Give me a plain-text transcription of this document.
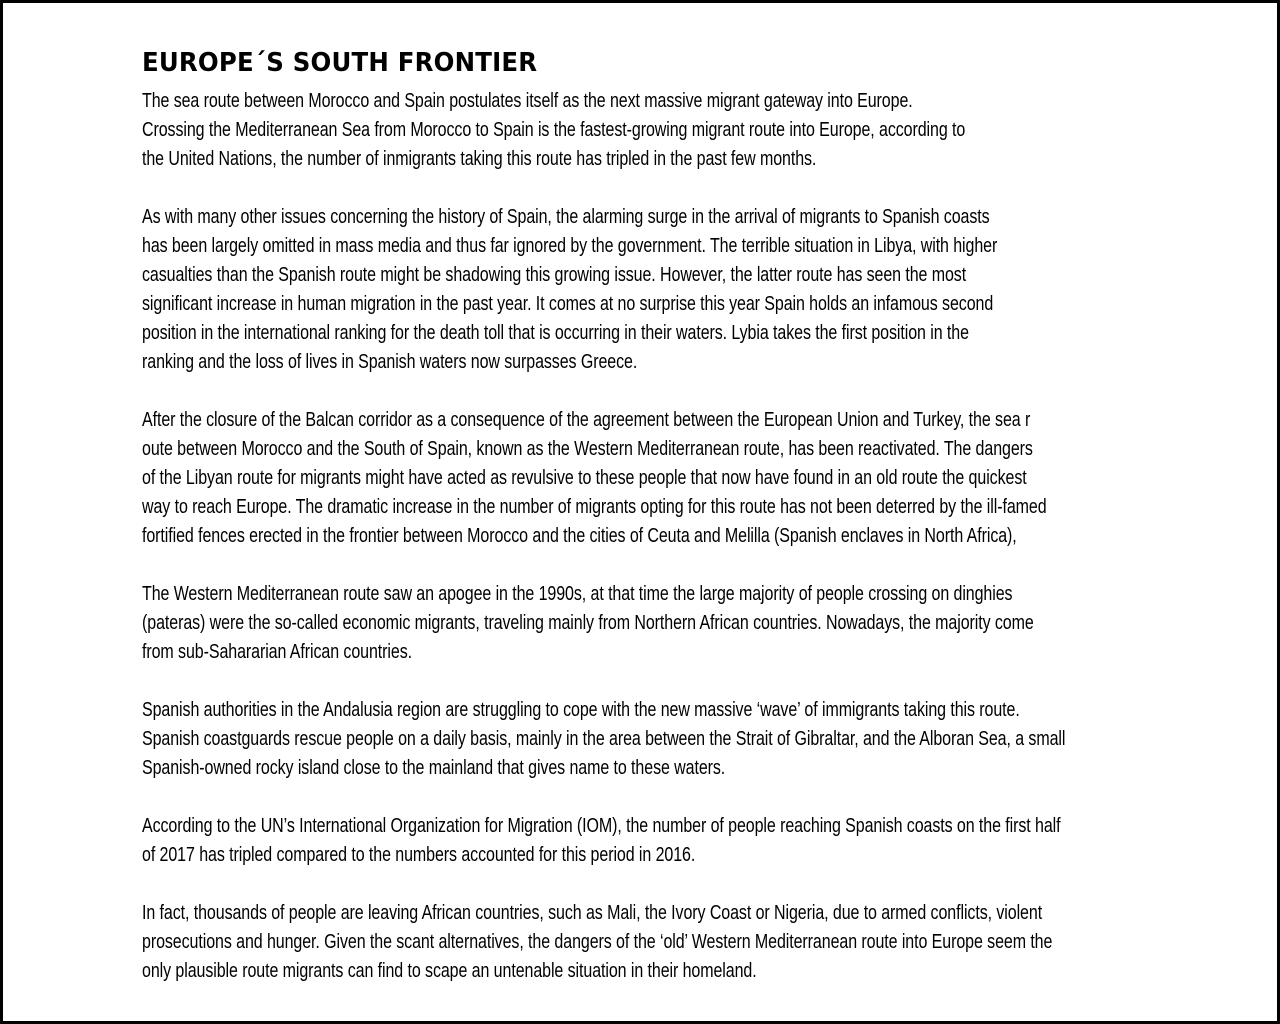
EUROPE´S SOUTH FRONTIER

The sea route between Morocco and Spain postulates itself as the next massive migrant gateway into Europe.
Crossing the Mediterranean Sea from Morocco to Spain is the fastest-growing migrant route into Europe, according to
the United Nations, the number of inmigrants taking this route has tripled in the past few months.

As with many other issues concerning the history of Spain, the alarming surge in the arrival of migrants to Spanish coasts
has been largely omitted in mass media and thus far ignored by the government. The terrible situation in Libya, with higher
casualties than the Spanish route might be shadowing this growing issue. However, the latter route has seen the most
significant increase in human migration in the past year. It comes at no surprise this year Spain holds an infamous second
position in the international ranking for the death toll that is occurring in their waters. Lybia takes the first position in the
ranking and the loss of lives in Spanish waters now surpasses Greece.

After the closure of the Balcan corridor as a consequence of the agreement between the European Union and Turkey, the sea r
oute between Morocco and the South of Spain, known as the Western Mediterranean route, has been reactivated. The dangers
of the Libyan route for migrants might have acted as revulsive to these people that now have found in an old route the quickest
way to reach Europe. The dramatic increase in the number of migrants opting for this route has not been deterred by the ill-famed
fortified fences erected in the frontier between Morocco and the cities of Ceuta and Melilla (Spanish enclaves in North Africa),

The Western Mediterranean route saw an apogee in the 1990s, at that time the large majority of people crossing on dinghies
(pateras) were the so-called economic migrants, traveling mainly from Northern African countries. Nowadays, the majority come
from sub-Sahararian African countries.

Spanish authorities in the Andalusia region are struggling to cope with the new massive ‘wave’ of immigrants taking this route.
Spanish coastguards rescue people on a daily basis, mainly in the area between the Strait of Gibraltar, and the Alboran Sea, a small
Spanish-owned rocky island close to the mainland that gives name to these waters.

According to the UN’s International Organization for Migration (IOM), the number of people reaching Spanish coasts on the first half
of 2017 has tripled compared to the numbers accounted for this period in 2016.

In fact, thousands of people are leaving African countries, such as Mali, the Ivory Coast or Nigeria, due to armed conflicts, violent
prosecutions and hunger. Given the scant alternatives, the dangers of the ‘old’ Western Mediterranean route into Europe seem the
only plausible route migrants can find to scape an untenable situation in their homeland.
